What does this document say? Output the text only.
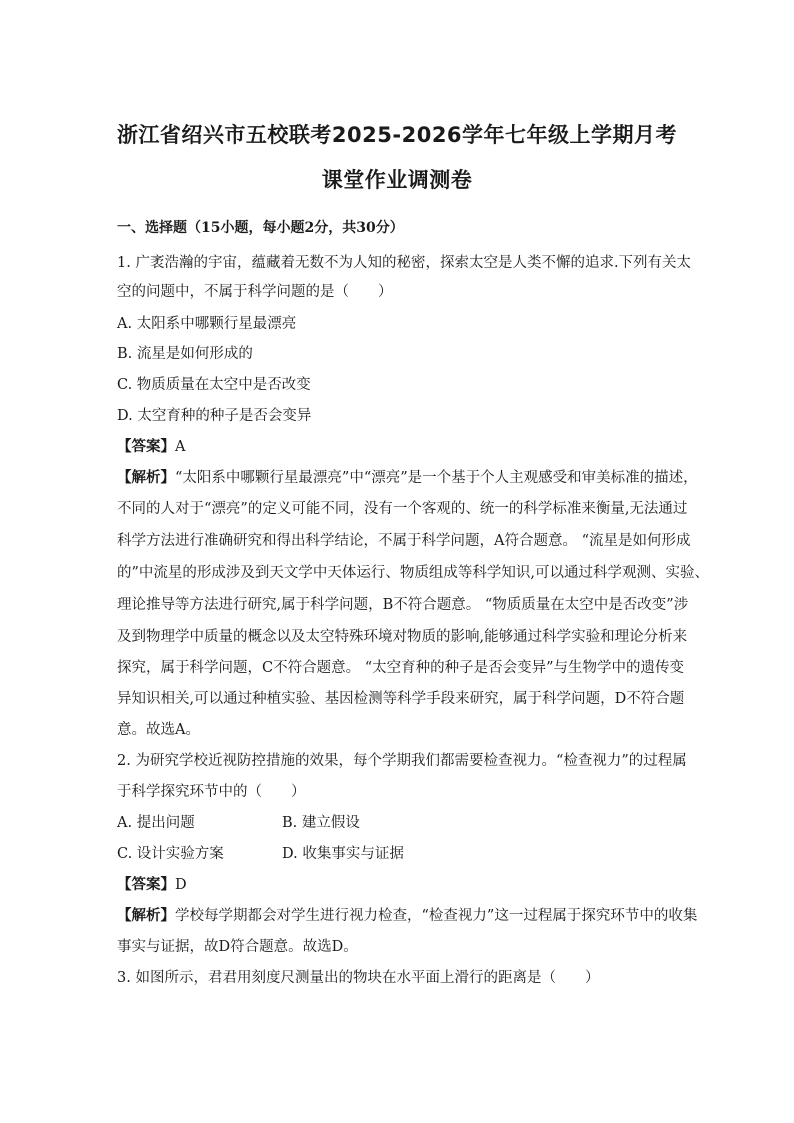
浙江省绍兴市五校联考2025-2026学年七年级上学期月考
课堂作业调测卷
一、选择题（15小题，每小题2分，共30分）
1. 广袤浩瀚的宇宙，蕴藏着无数不为人知的秘密，探索太空是人类不懈的追求.下列有关太
空的问题中，不属于科学问题的是（　　）
A. 太阳系中哪颗行星最漂亮
B. 流星是如何形成的
C. 物质质量在太空中是否改变
D. 太空育种的种子是否会变异
【答案】A
【解析】“太阳系中哪颗行星最漂亮”中“漂亮”是一个基于个人主观感受和审美标准的描述，
不同的人对于“漂亮”的定义可能不同，没有一个客观的、统一的科学标准来衡量,无法通过
科学方法进行准确研究和得出科学结论，不属于科学问题，A符合题意。 “流星是如何形成
的”中流星的形成涉及到天文学中天体运行、物质组成等科学知识,可以通过科学观测、实验、
理论推导等方法进行研究,属于科学问题，B不符合题意。 “物质质量在太空中是否改变”涉
及到物理学中质量的概念以及太空特殊环境对物质的影响,能够通过科学实验和理论分析来
探究，属于科学问题，C不符合题意。 “太空育种的种子是否会变异”与生物学中的遗传变
异知识相关,可以通过种植实验、基因检测等科学手段来研究，属于科学问题，D不符合题
意。故选A。
2. 为研究学校近视防控措施的效果，每个学期我们都需要检查视力。“检查视力”的过程属
于科学探究环节中的（　　）
A. 提出问题	B. 建立假设
C. 设计实验方案	D. 收集事实与证据
【答案】D
【解析】学校每学期都会对学生进行视力检查，“检查视力”这一过程属于探究环节中的收集
事实与证据，故D符合题意。故选D。
3. 如图所示，君君用刻度尺测量出的物块在水平面上滑行的距离是（　　）
